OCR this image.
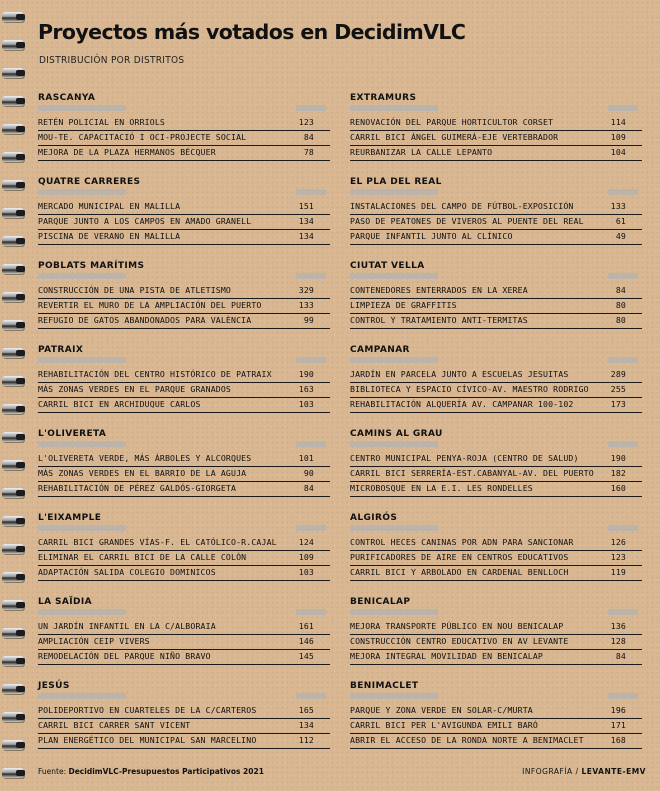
Proyectos más votados en DecidimVLC
DISTRIBUCIÓN POR DISTRITOS
RASCANYA
RETÉN POLICIAL EN ORRIOLS	123
MOU-TE. CAPACITACIÓ I OCI-PROJECTE SOCIAL	84
MEJORA DE LA PLAZA HERMANOS BÉCQUER	78
QUATRE CARRERES
MERCADO MUNICIPAL EN MALILLA	151
PARQUE JUNTO A LOS CAMPOS EN AMADO GRANELL	134
PISCINA DE VERANO EN MALILLA	134
POBLATS MARÍTIMS
CONSTRUCCIÓN DE UNA PISTA DE ATLETISMO	329
REVERTIR EL MURO DE LA AMPLIACIÓN DEL PUERTO	133
REFUGIO DE GATOS ABANDONADOS PARA VALÈNCIA	99
PATRAIX
REHABILITACIÓN DEL CENTRO HISTÓRICO DE PATRAIX	190
MÁS ZONAS VERDES EN EL PARQUE GRANADOS	163
CARRIL BICI EN ARCHIDUQUE CARLOS	103
L'OLIVERETA
L'OLIVERETA VERDE, MÁS ÁRBOLES Y ALCORQUES	101
MÁS ZONAS VERDES EN EL BARRIO DE LA AGUJA	90
REHABILITACIÓN DE PÉREZ GALDÓS-GIORGETA	84
L'EIXAMPLE
CARRIL BICI GRANDES VÍAS-F. EL CATÓLICO-R.CAJAL	124
ELIMINAR EL CARRIL BICI DE LA CALLE COLÓN	109
ADAPTACIÓN SALIDA COLEGIO DOMINICOS	103
LA SAÏDIA
UN JARDÍN INFANTIL EN LA C/ALBORAIA	161
AMPLIACIÓN CEIP VIVERS	146
REMODELACIÓN DEL PARQUE NIÑO BRAVO	145
JESÚS
POLIDEPORTIVO EN CUARTELES DE LA C/CARTEROS	165
CARRIL BICI CARRER SANT VICENT	134
PLAN ENERGÉTICO DEL MUNICIPAL SAN MARCELINO	112
EXTRAMURS
RENOVACIÓN DEL PARQUE HORTICULTOR CORSET	114
CARRIL BICI ÁNGEL GUIMERÁ-EJE VERTEBRADOR	109
REURBANIZAR LA CALLE LEPANTO	104
EL PLA DEL REAL
INSTALACIONES DEL CAMPO DE FÚTBOL-EXPOSICIÓN	133
PASO DE PEATONES DE VIVEROS AL PUENTE DEL REAL	61
PARQUE INFANTIL JUNTO AL CLÍNICO	49
CIUTAT VELLA
CONTENEDORES ENTERRADOS EN LA XEREA	84
LIMPIEZA DE GRAFFITIS	80
CONTROL Y TRATAMIENTO ANTI-TERMITAS	80
CAMPANAR
JARDÍN EN PARCELA JUNTO A ESCUELAS JESUITAS	289
BIBLIOTECA Y ESPACIO CÍVICO-AV. MAESTRO RODRIGO	255
REHABILITACIÓN ALQUERÍA AV. CAMPANAR 100-102	173
CAMINS AL GRAU
CENTRO MUNICIPAL PENYA-ROJA (CENTRO DE SALUD)	190
CARRIL BICI SERRERÍA-EST.CABANYAL-AV. DEL PUERTO 182
MICROBOSQUE EN LA E.I. LES RONDELLES	160
ALGIRÓS
CONTROL HECES CANINAS POR ADN PARA SANCIONAR	126
PURIFICADORES DE AIRE EN CENTROS EDUCATIVOS	123
CARRIL BICI Y ARBOLADO EN CARDENAL BENLLOCH	119
BENICALAP
MEJORA TRANSPORTE PÚBLICO EN NOU BENICALAP	136
CONSTRUCCIÓN CENTRO EDUCATIVO EN AV LEVANTE	128
MEJORA INTEGRAL MOVILIDAD EN BENICALAP	84
BENIMACLET
PARQUE Y ZONA VERDE EN SOLAR-C/MURTA	196
CARRIL BICI PER L'AVIGUNDA EMILI BARÓ	171
ABRIR EL ACCESO DE LA RONDA NORTE A BENIMACLET	168
Fuente: DecidimVLC-Presupuestos Participativos 2021	INFOGRAFÍA / LEVANTE-EMV
